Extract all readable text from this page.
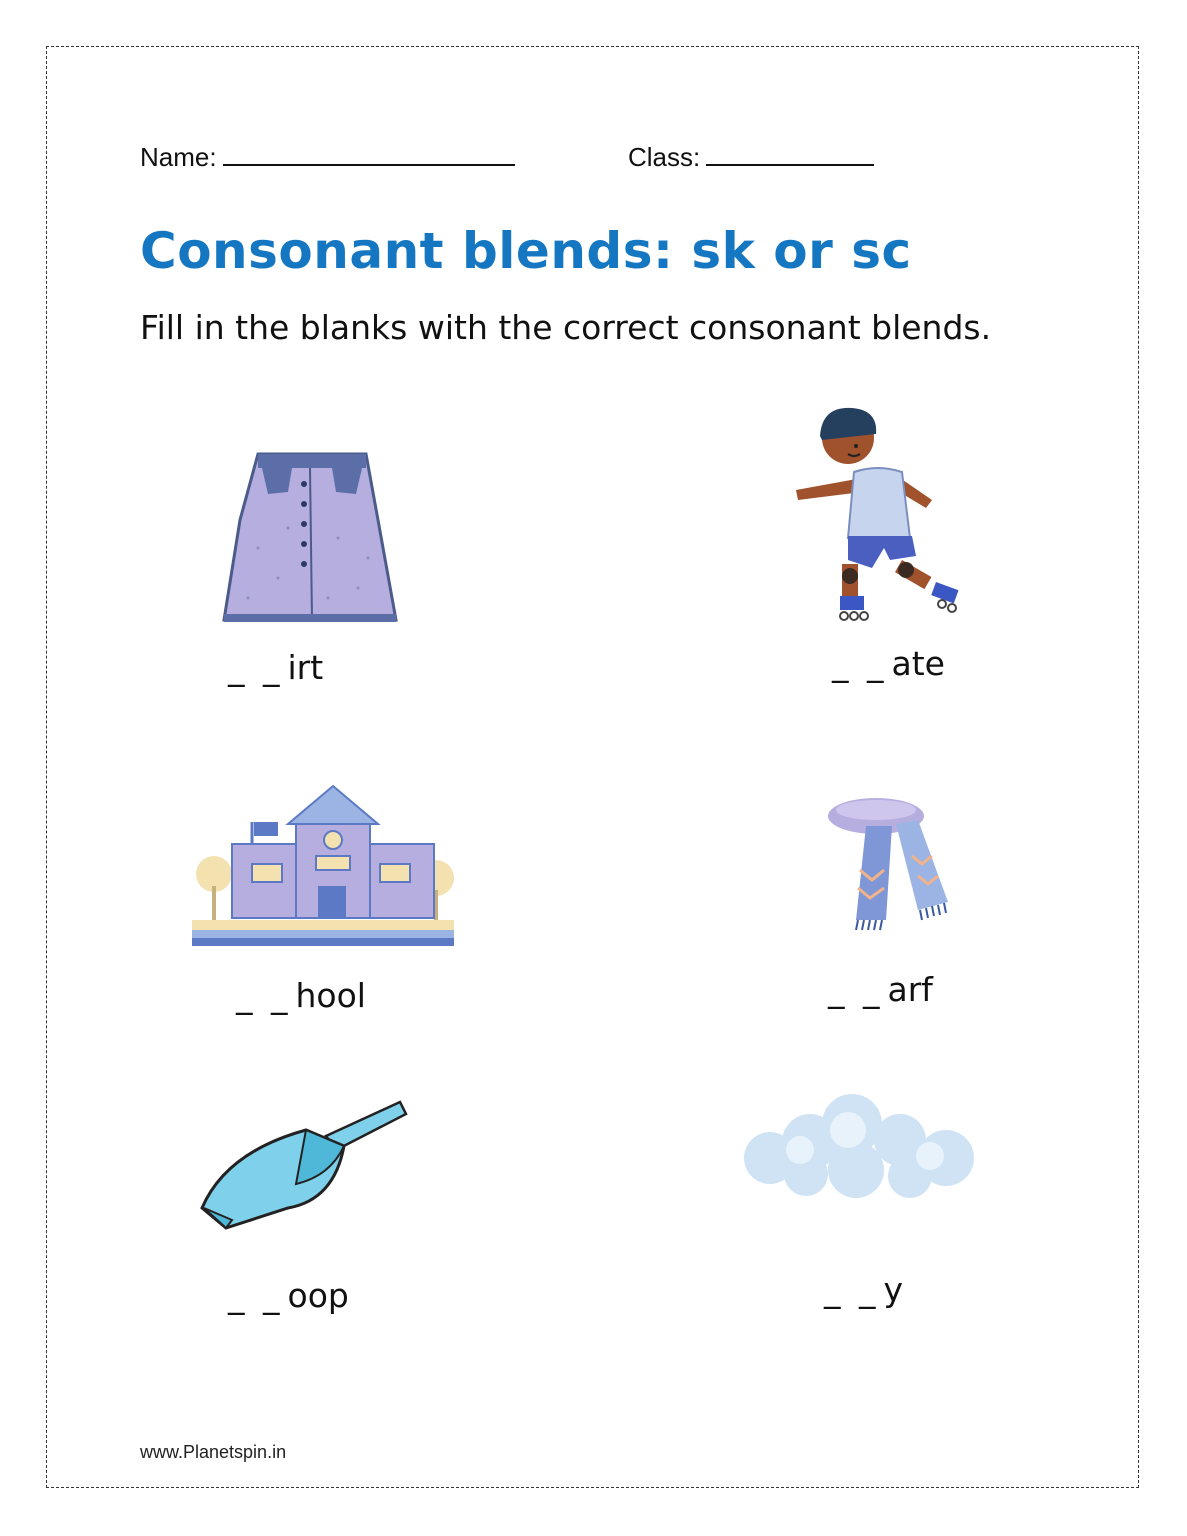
Name:	Class:
Consonant blends: sk or sc
Fill in the blanks with the correct consonant blends.
_ _ irt	_ _ ate
_ _ hool	_ _ arf
_ _ oop	_ _ y
www.Planetspin.in
